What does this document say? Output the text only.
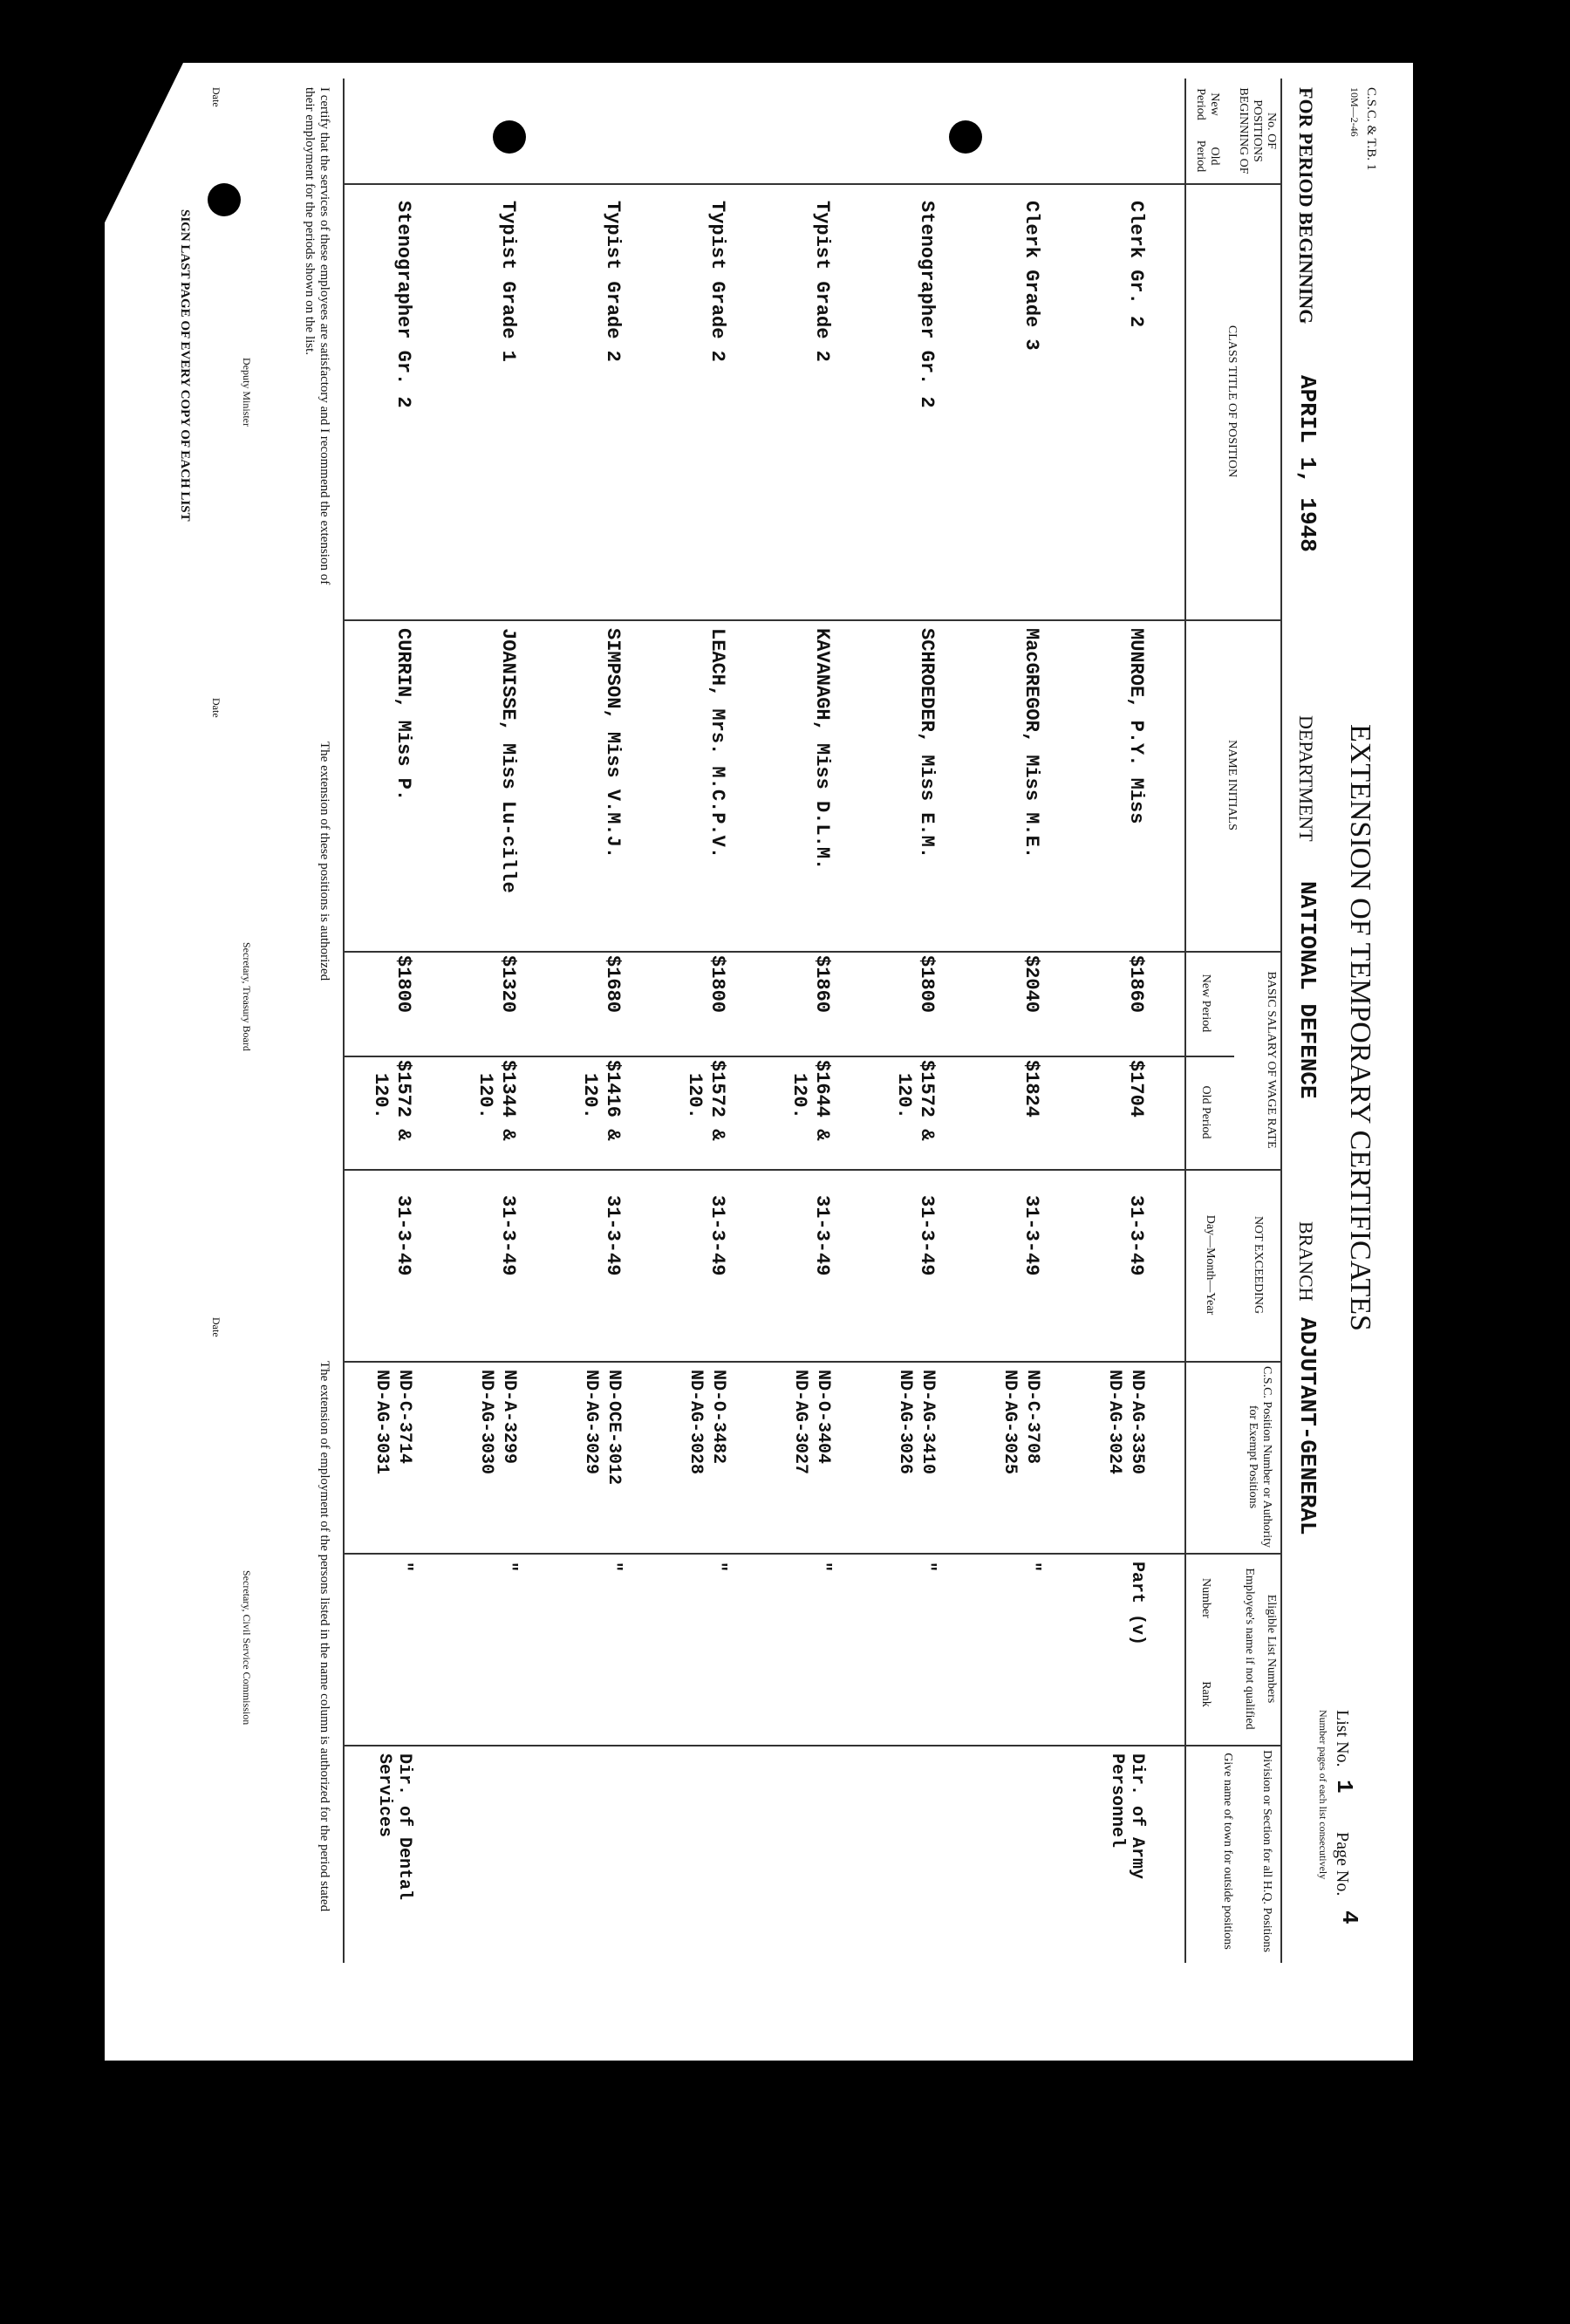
C.S.C. & T.B. 1
10M—2-46
EXTENSION OF TEMPORARY CERTIFICATES
List No.
1
Page No.
4
Number pages of each list consecutively
FOR PERIOD BEGINNING
APRIL 1, 1948
DEPARTMENT
NATIONAL DEFENCE
BRANCH
ADJUTANT-GENERAL
No. OF POSITIONS BEGINNING OF
New Period
Old Period
CLASS TITLE OF POSITION
NAME INITIALS
BASIC SALARY OF WAGE RATE
New Period
Old Period
NOT EXCEEDING
Day—Month—Year
C.S.C. Position Number or Authority for Exempt Positions
Eligible List Numbers
Employee's name if not qualified
Number
Rank
Division or Section for all H.Q. Positions
Give name of town for outside positions
Clerk Gr. 2
MUNROE, P.Y. Miss
$1860
$1704
31-3-49
ND-AG-3350
Part (v)
Dir. of Army Personnel
ND-AG-3024
Clerk Grade 3
MacGREGOR, Miss M.E.
$2040
$1824
31-3-49
ND-C-3708
"
ND-AG-3025
Stenographer Gr. 2
SCHROEDER, Miss E.M.
$1800
$1572 &
31-3-49
ND-AG-3410
"
ND-AG-3026
120.
Typist Grade 2
KAVANAGH, Miss D.L.M.
$1860
$1644 &
31-3-49
ND-O-3404
"
ND-AG-3027
120.
Typist Grade 2
LEACH, Mrs. M.C.P.V.
$1800
$1572 &
31-3-49
ND-O-3482
"
ND-AG-3028
120.
Typist Grade 2
SIMPSON, Miss V.M.J.
$1680
$1416 &
31-3-49
ND-OCE-3012
"
ND-AG-3029
120.
Typist Grade 1
JOANISSE, Miss Lu-cille
$1320
$1344 &
31-3-49
ND-A-3299
"
ND-AG-3030
120.
Stenographer Gr. 2
CURRIN, Miss P.
$1800
$1572 &
31-3-49
ND-C-3714
"
Dir. of Dental Services
ND-AG-3031
120.
I certify that the services of these employees are satisfactory and I recommend the extension of their employment for the periods shown on the list.
Date
Deputy Minister
SIGN LAST PAGE OF EVERY COPY OF EACH LIST
The extension of these positions is authorized
Date
Secretary, Treasury Board
The extension of employment of the persons listed in the name column is authorized for the period stated
Date
Secretary, Civil Service Commission
